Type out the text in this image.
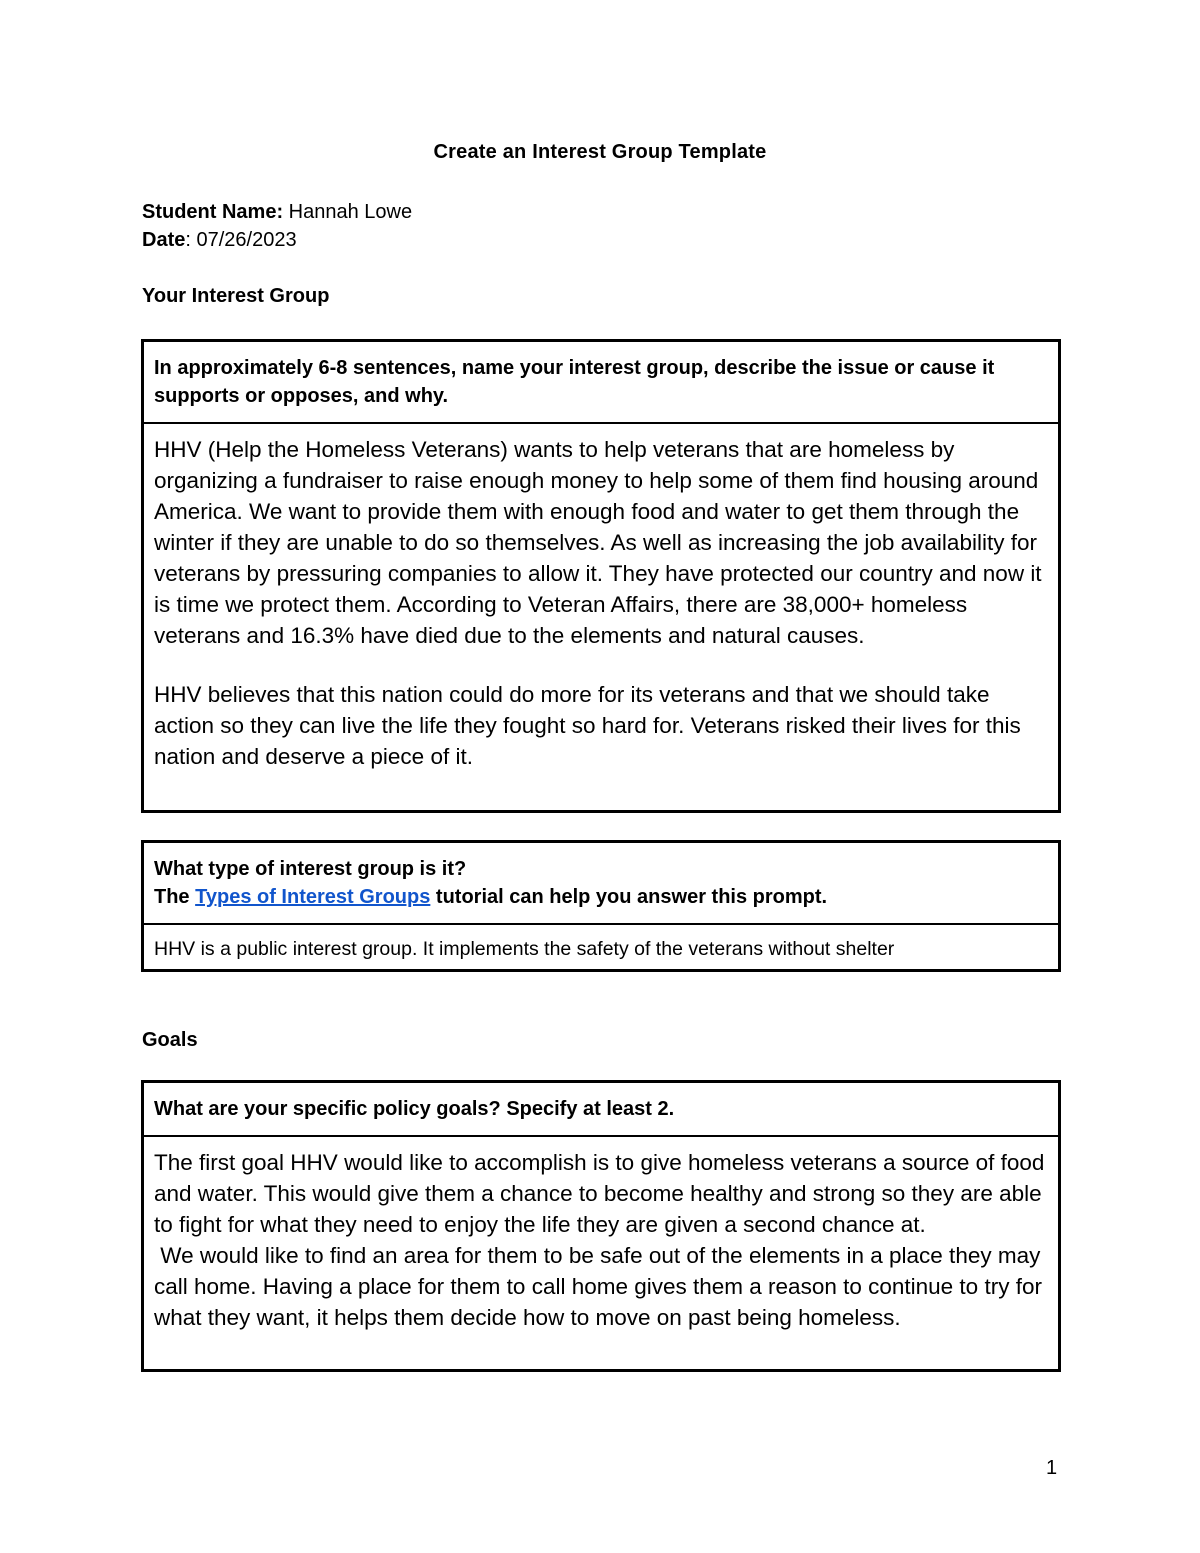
Create an Interest Group Template
Student Name: Hannah Lowe
Date: 07/26/2023
Your Interest Group
In approximately 6-8 sentences, name your interest group, describe the issue or cause it supports or opposes, and why.

HHV (Help the Homeless Veterans) wants to help veterans that are homeless by organizing a fundraiser to raise enough money to help some of them find housing around America. We want to provide them with enough food and water to get them through the winter if they are unable to do so themselves. As well as increasing the job availability for veterans by pressuring companies to allow it. They have protected our country and now it is time we protect them. According to Veteran Affairs, there are 38,000+ homeless veterans and 16.3% have died due to the elements and natural causes.

HHV believes that this nation could do more for its veterans and that we should take action so they can live the life they fought so hard for. Veterans risked their lives for this nation and deserve a piece of it.

What type of interest group is it?
The Types of Interest Groups tutorial can help you answer this prompt.
HHV is a public interest group. It implements the safety of the veterans without shelter
Goals
What are your specific policy goals? Specify at least 2.

The first goal HHV would like to accomplish is to give homeless veterans a source of food and water. This would give them a chance to become healthy and strong so they are able to fight for what they need to enjoy the life they are given a second chance at.

We would like to find an area for them to be safe out of the elements in a place they may call home. Having a place for them to call home gives them a reason to continue to try for what they want, it helps them decide how to move on past being homeless.

1
